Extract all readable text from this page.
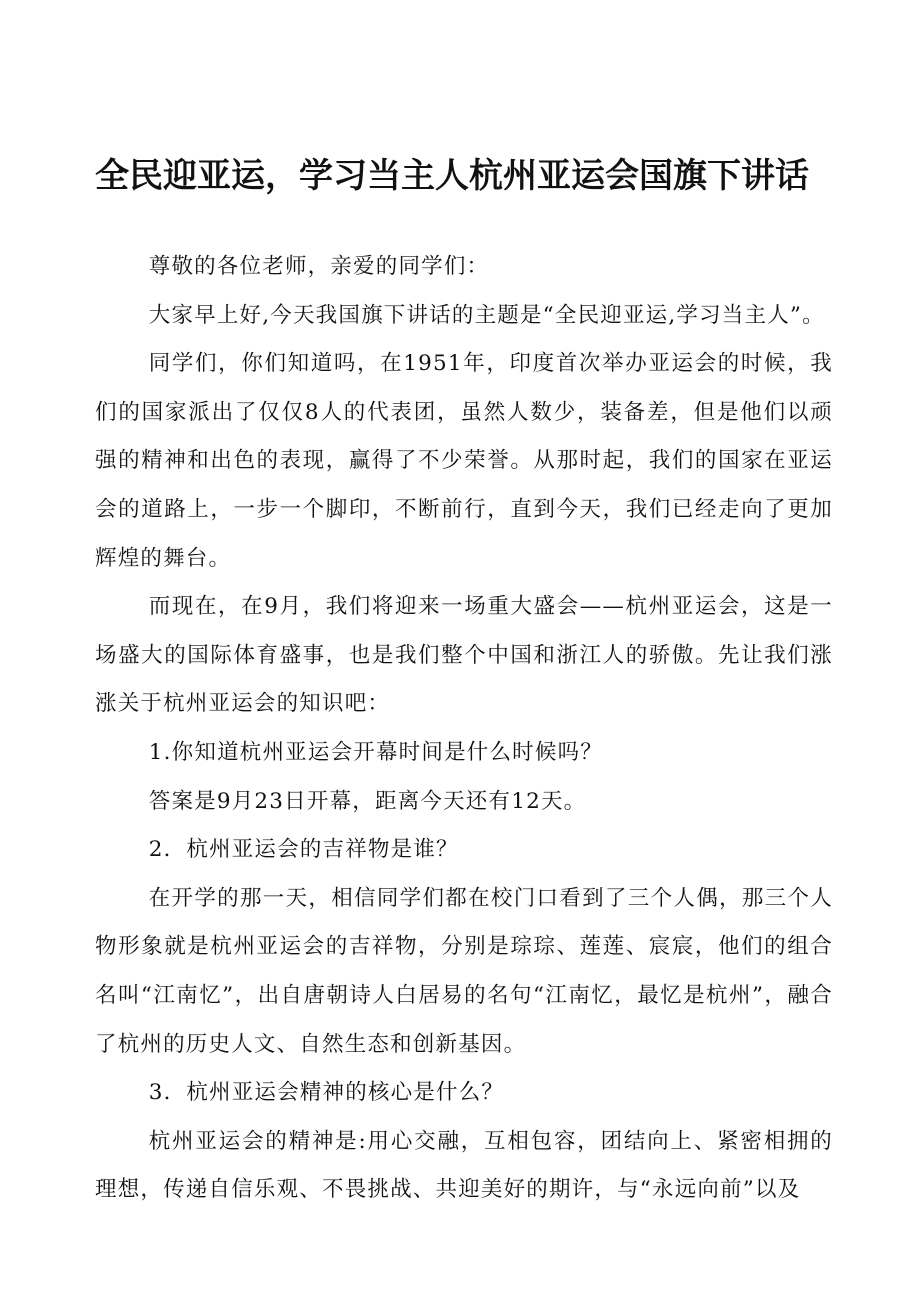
全民迎亚运，学习当主人杭州亚运会国旗下讲话

尊敬的各位老师，亲爱的同学们：

大家早上好,今天我国旗下讲话的主题是“全民迎亚运,学习当主人”。

同学们，你们知道吗，在1951年，印度首次举办亚运会的时候，我们的国家派出了仅仅8人的代表团，虽然人数少，装备差，但是他们以顽强的精神和出色的表现，赢得了不少荣誉。从那时起，我们的国家在亚运会的道路上，一步一个脚印，不断前行，直到今天，我们已经走向了更加辉煌的舞台。

而现在，在9月，我们将迎来一场重大盛会——杭州亚运会，这是一场盛大的国际体育盛事，也是我们整个中国和浙江人的骄傲。先让我们涨涨关于杭州亚运会的知识吧：

1.你知道杭州亚运会开幕时间是什么时候吗？

答案是9月23日开幕，距离今天还有12天。

2．杭州亚运会的吉祥物是谁？

在开学的那一天，相信同学们都在校门口看到了三个人偶，那三个人物形象就是杭州亚运会的吉祥物，分别是琮琮、莲莲、宸宸，他们的组合名叫“江南忆”，出自唐朝诗人白居易的名句“江南忆，最忆是杭州”，融合了杭州的历史人文、自然生态和创新基因。

3．杭州亚运会精神的核心是什么？

杭州亚运会的精神是:用心交融，互相包容，团结向上、紧密相拥的理想，传递自信乐观、不畏挑战、共迎美好的期许，与“永远向前”以及
